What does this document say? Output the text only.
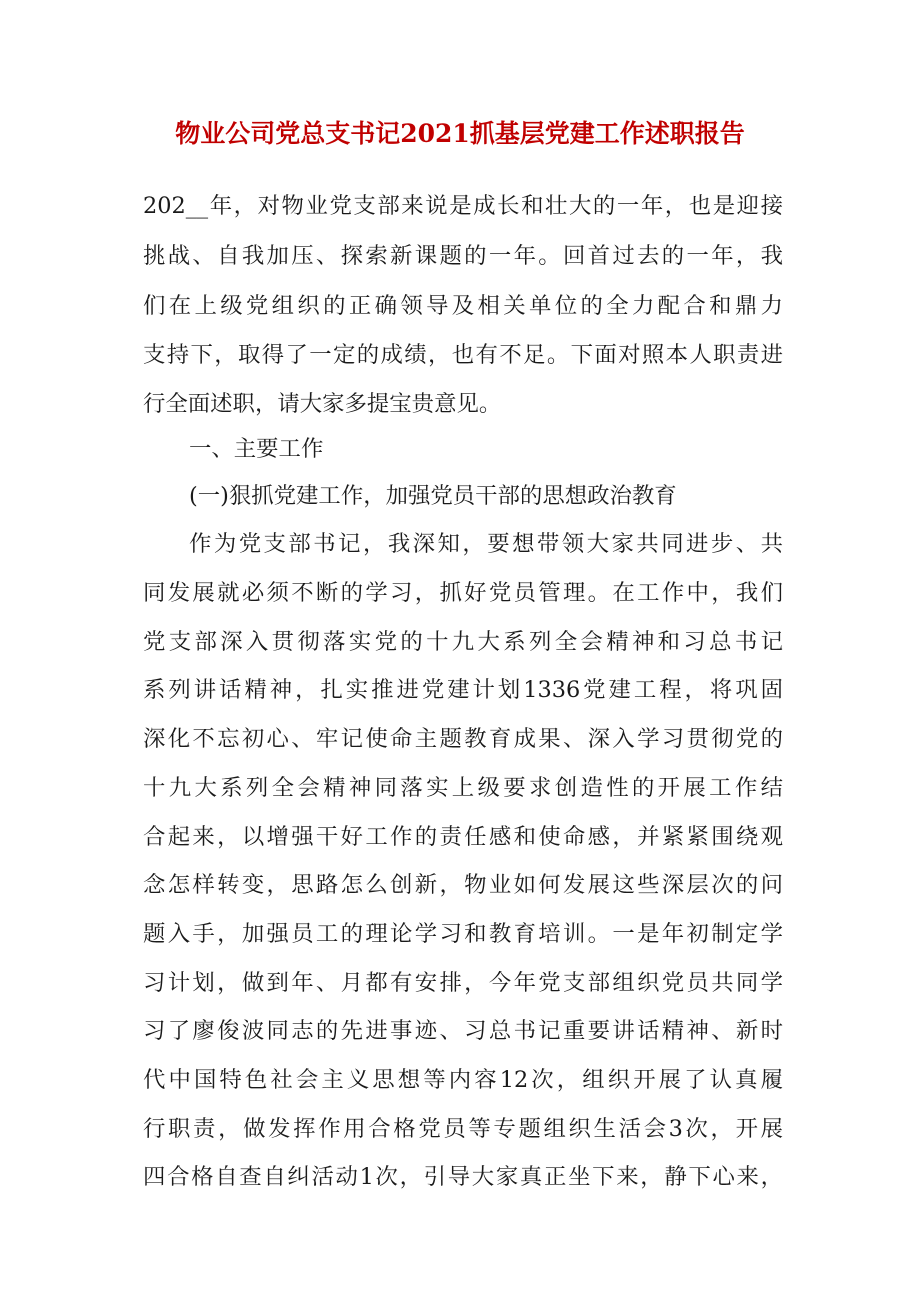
物业公司党总支书记2021抓基层党建工作述职报告
202__年，对物业党支部来说是成长和壮大的一年，也是迎接
挑战、自我加压、探索新课题的一年。回首过去的一年，我
们在上级党组织的正确领导及相关单位的全力配合和鼎力
支持下，取得了一定的成绩，也有不足。下面对照本人职责进
行全面述职，请大家多提宝贵意见。
一、主要工作
(一)狠抓党建工作，加强党员干部的思想政治教育
作为党支部书记，我深知，要想带领大家共同进步、共
同发展就必须不断的学习，抓好党员管理。在工作中，我们
党支部深入贯彻落实党的十九大系列全会精神和习总书记
系列讲话精神，扎实推进党建计划1336党建工程，将巩固
深化不忘初心、牢记使命主题教育成果、深入学习贯彻党的
十九大系列全会精神同落实上级要求创造性的开展工作结
合起来，以增强干好工作的责任感和使命感，并紧紧围绕观
念怎样转变，思路怎么创新，物业如何发展这些深层次的问
题入手，加强员工的理论学习和教育培训。一是年初制定学
习计划，做到年、月都有安排，今年党支部组织党员共同学
习了廖俊波同志的先进事迹、习总书记重要讲话精神、新时
代中国特色社会主义思想等内容12次，组织开展了认真履
行职责，做发挥作用合格党员等专题组织生活会3次，开展
四合格自查自纠活动1次，引导大家真正坐下来，静下心来，
